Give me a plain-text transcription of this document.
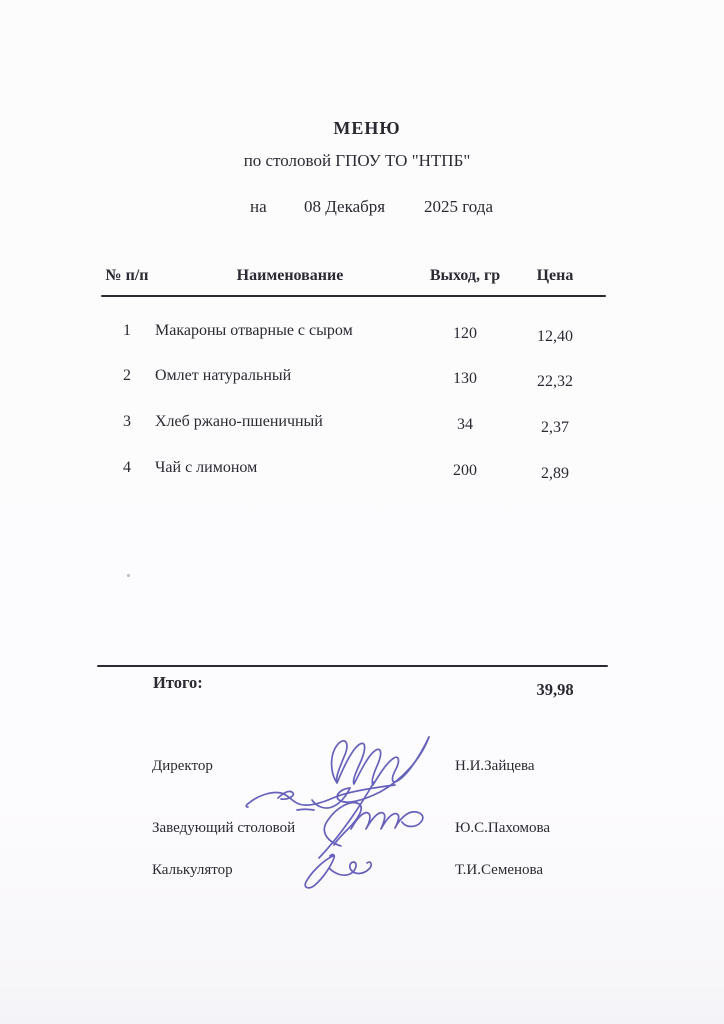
МЕНЮ
по столовой ГПОУ ТО "НТПБ"
на 08 Декабря 2025 года
№ п/п	Наименование	Выход, гр	Цена
1	Макароны отварные с сыром	120	12,40
2	Омлет натуральный	130	22,32
3	Хлеб ржано-пшеничный	34	2,37
4	Чай с лимоном	200	2,89
Итого:	39,98
Директор	Н.И.Зайцева
Заведующий столовой	Ю.С.Пахомова
Калькулятор	Т.И.Семенова
